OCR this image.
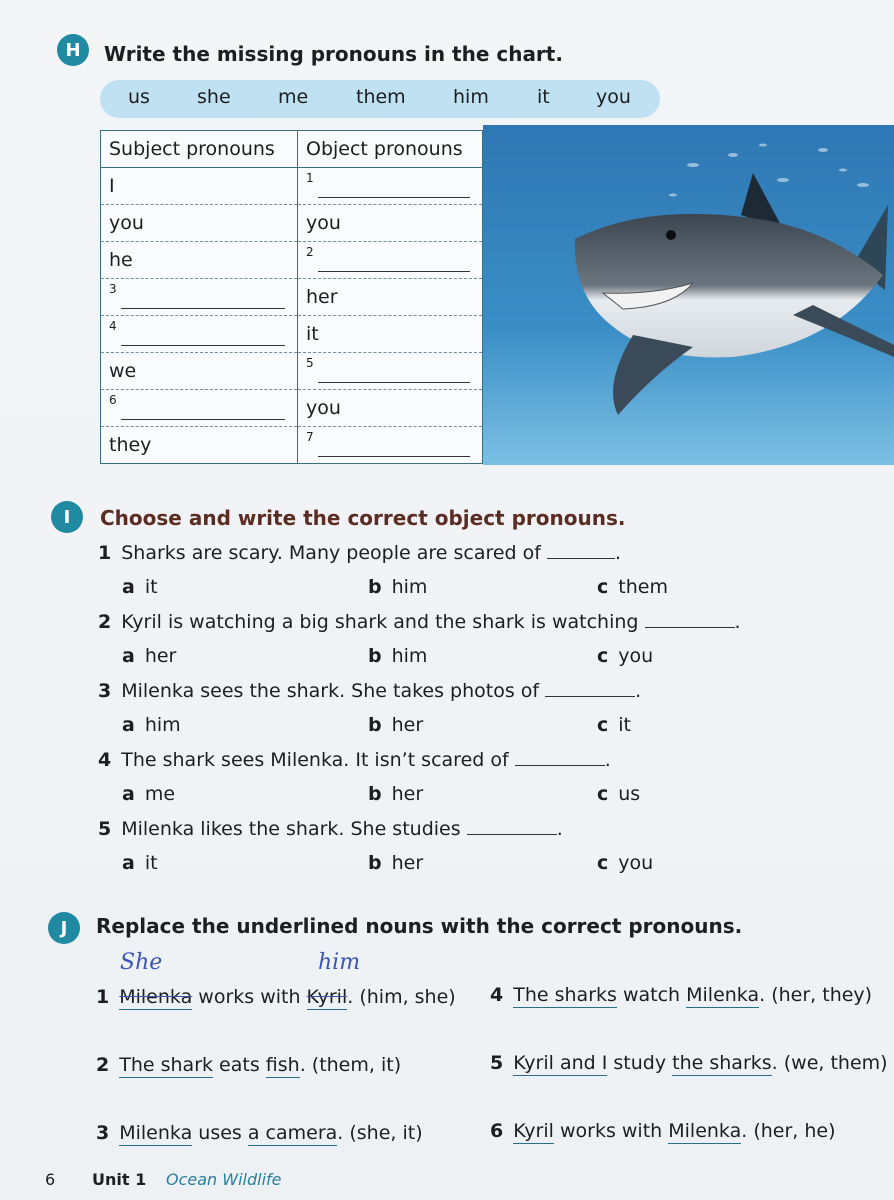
H	Write the missing pronouns in the chart.
us she me	them him	it you
Subject pronouns	Object pronouns
I	1

you	you
he	2

3	her

4	it
we	5

6	you
they	7
I	Choose and write the correct object pronouns.
1 Sharks are scary. Many people are scared of	.
a it	b him	c them
2 Kyril is watching a big shark and the shark is watching	.
a her	b him	c you
3 Milenka sees the shark. She takes photos of	.
a him	b her	c it
4 The shark sees Milenka. It isn’t scared of	.
a me	b her	c us
5 Milenka likes the shark. She studies	.
a it	b her	c you
J	Replace the underlined nouns with the correct pronouns.
She	him
1 Milenka works with Kyril. (him, she)
2 The shark eats fish. (them, it)
3 Milenka uses a camera. (she, it)
4 The sharks watch Milenka. (her, they)
5 Kyril and I study the sharks. (we, them)
6 Kyril works with Milenka. (her, he)
6 Unit 1 Ocean Wildlife
